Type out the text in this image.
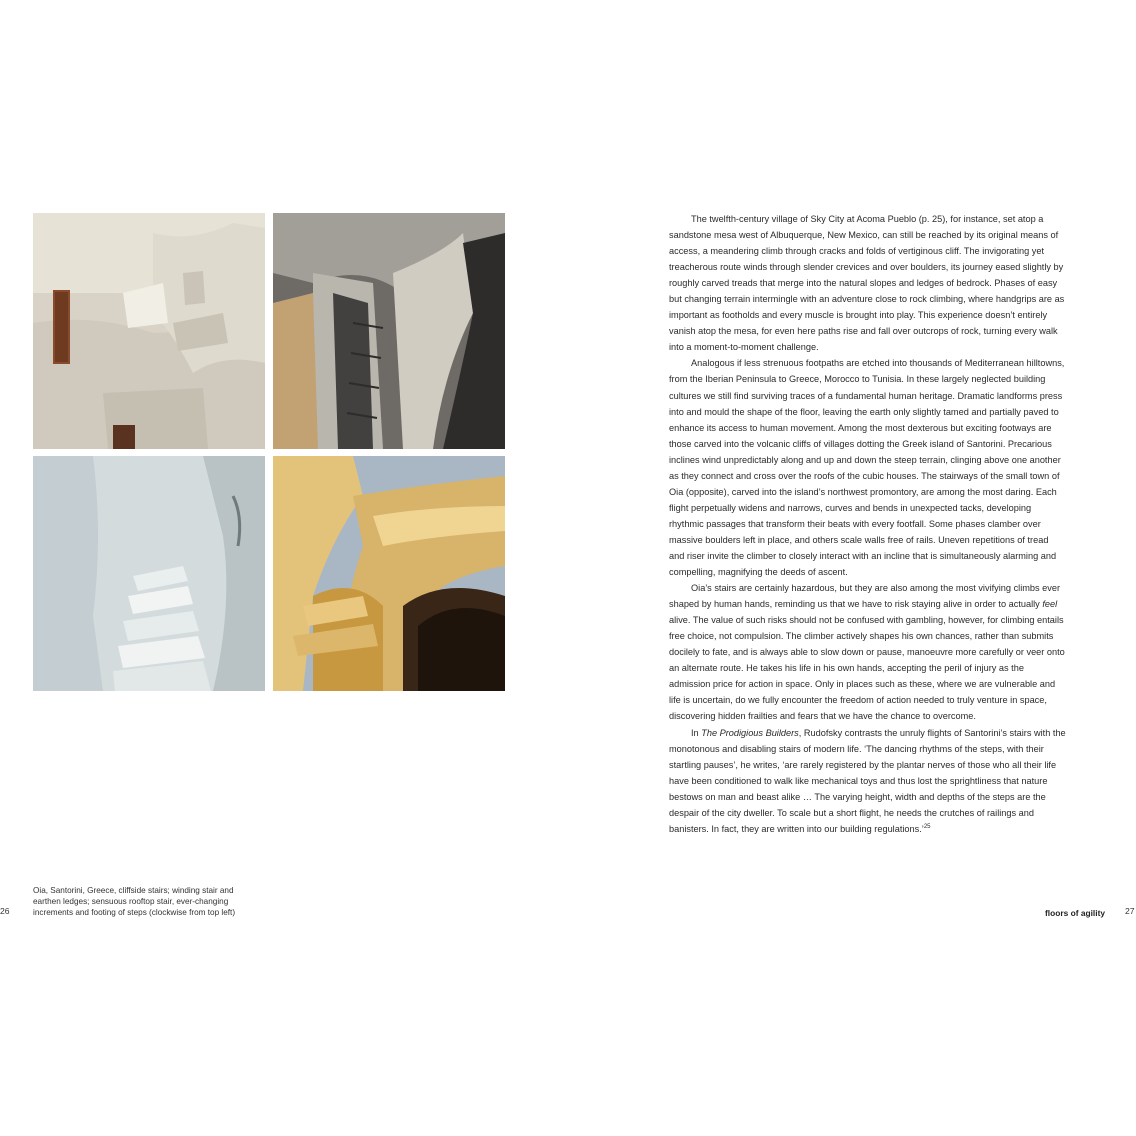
The twelfth-century village of Sky City at Acoma Pueblo (p. 25), for instance, set atop a sandstone mesa west of Albuquerque, New Mexico, can still be reached by its original means of access, a meandering climb through cracks and folds of vertiginous cliff. The invigorating yet treacherous route winds through slender crevices and over boulders, its journey eased slightly by roughly carved treads that merge into the natural slopes and ledges of bedrock. Phases of easy but changing terrain intermingle with an adventure close to rock climbing, where handgrips are as important as footholds and every muscle is brought into play. This experience doesn’t entirely vanish atop the mesa, for even here paths rise and fall over outcrops of rock, turning every walk into a moment-to-moment challenge.

Analogous if less strenuous footpaths are etched into thousands of Mediterranean hilltowns, from the Iberian Peninsula to Greece, Morocco to Tunisia. In these largely neglected building cultures we still find surviving traces of a fundamental human heritage. Dramatic landforms press into and mould the shape of the floor, leaving the earth only slightly tamed and partially paved to enhance its access to human movement. Among the most dexterous but exciting footways are those carved into the volcanic cliffs of villages dotting the Greek island of Santorini. Precarious inclines wind unpredictably along and up and down the steep terrain, clinging above one another as they connect and cross over the roofs of the cubic houses. The stairways of the small town of Oia (opposite), carved into the island’s northwest promontory, are among the most daring. Each flight perpetually widens and narrows, curves and bends in unexpected tacks, developing rhythmic passages that transform their beats with every footfall. Some phases clamber over massive boulders left in place, and others scale walls free of rails. Uneven repetitions of tread and riser invite the climber to closely interact with an incline that is simultaneously alarming and compelling, magnifying the deeds of ascent.

Oia’s stairs are certainly hazardous, but they are also among the most vivifying climbs ever shaped by human hands, reminding us that we have to risk staying alive in order to actually feel alive. The value of such risks should not be confused with gambling, however, for climbing entails free choice, not compulsion. The climber actively shapes his own chances, rather than submits docilely to fate, and is always able to slow down or pause, manoeuvre more carefully or veer onto an alternate route. He takes his life in his own hands, accepting the peril of injury as the admission price for action in space. Only in places such as these, where we are vulnerable and life is uncertain, do we fully encounter the freedom of action needed to truly venture in space, discovering hidden frailties and fears that we have the chance to overcome.

In The Prodigious Builders, Rudofsky contrasts the unruly flights of Santorini’s stairs with the monotonous and disabling stairs of modern life. ‘The dancing rhythms of the steps, with their startling pauses’, he writes, ‘are rarely registered by the plantar nerves of those who all their life have been conditioned to walk like mechanical toys and thus lost the sprightliness that nature bestows on man and beast alike … The varying height, width and depths of the steps are the despair of the city dweller. To scale but a short flight, he needs the crutches of railings and banisters. In fact, they are written into our building regulations.’$^{25}$

Oia, Santorini, Greece, cliffside stairs; winding stair and
earthen ledges; sensuous rooftop stair, ever-changing
increments and footing of steps (clockwise from top left)
26	floors of agility 27
